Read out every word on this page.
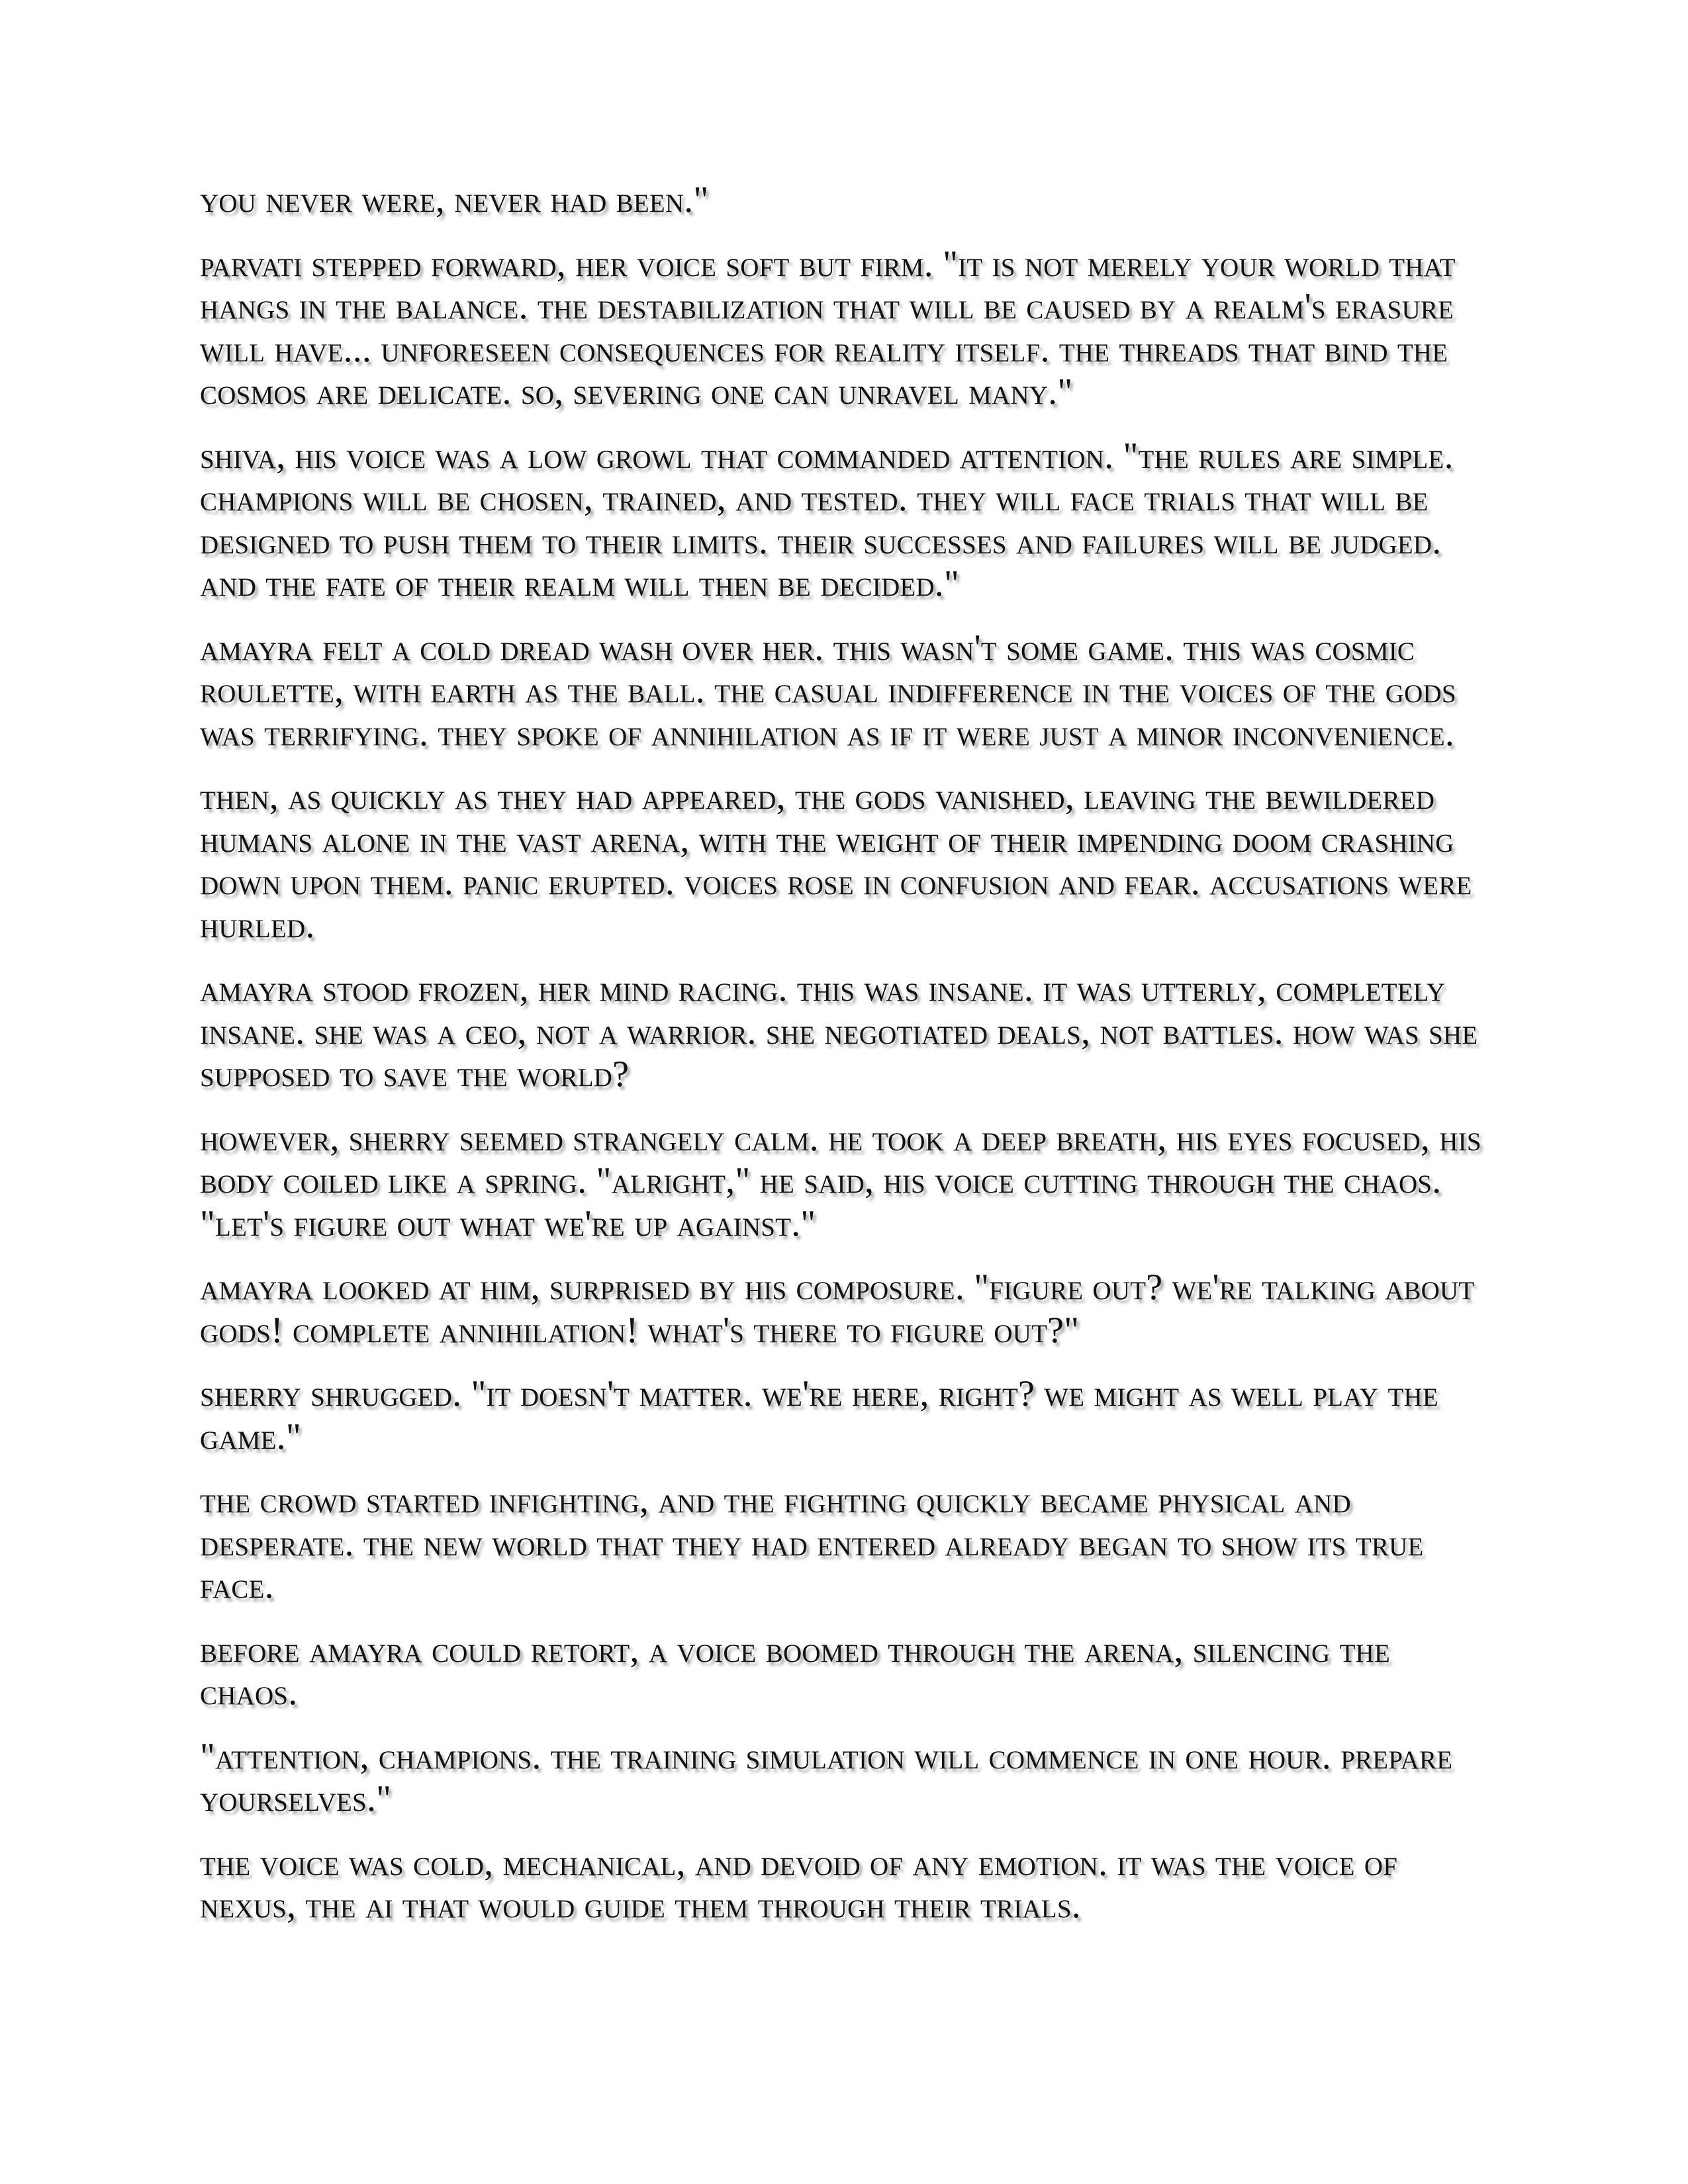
you never were, never had been."

parvati stepped forward, her voice soft but firm. "it is not merely your world that hangs in the balance. the destabilization that will be caused by a realm's erasure will have... unforeseen consequences for reality itself. the threads that bind the cosmos are delicate. so, severing one can unravel many."

shiva, his voice was a low growl that commanded attention. "the rules are simple. champions will be chosen, trained, and tested. they will face trials that will be designed to push them to their limits. their successes and failures will be judged. and the fate of their realm will then be decided."

amayra felt a cold dread wash over her. this wasn't some game. this was cosmic roulette, with earth as the ball. the casual indifference in the voices of the gods was terrifying. they spoke of annihilation as if it were just a minor inconvenience.

then, as quickly as they had appeared, the gods vanished, leaving the bewildered humans alone in the vast arena, with the weight of their impending doom crashing down upon them. panic erupted. voices rose in confusion and fear. accusations were hurled.

amayra stood frozen, her mind racing. this was insane. it was utterly, completely insane. she was a ceo, not a warrior. she negotiated deals, not battles. how was she supposed to save the world?

however, sherry seemed strangely calm. he took a deep breath, his eyes focused, his body coiled like a spring. "alright," he said, his voice cutting through the chaos. "let's figure out what we're up against."

amayra looked at him, surprised by his composure. "figure out? we're talking about gods! complete annihilation! what's there to figure out?"

sherry shrugged. "it doesn't matter. we're here, right? we might as well play the game."

the crowd started infighting, and the fighting quickly became physical and desperate. the new world that they had entered already began to show its true face.

before amayra could retort, a voice boomed through the arena, silencing the chaos.

"attention, champions. the training simulation will commence in one hour. prepare yourselves."

the voice was cold, mechanical, and devoid of any emotion. it was the voice of nexus, the ai that would guide them through their trials.
